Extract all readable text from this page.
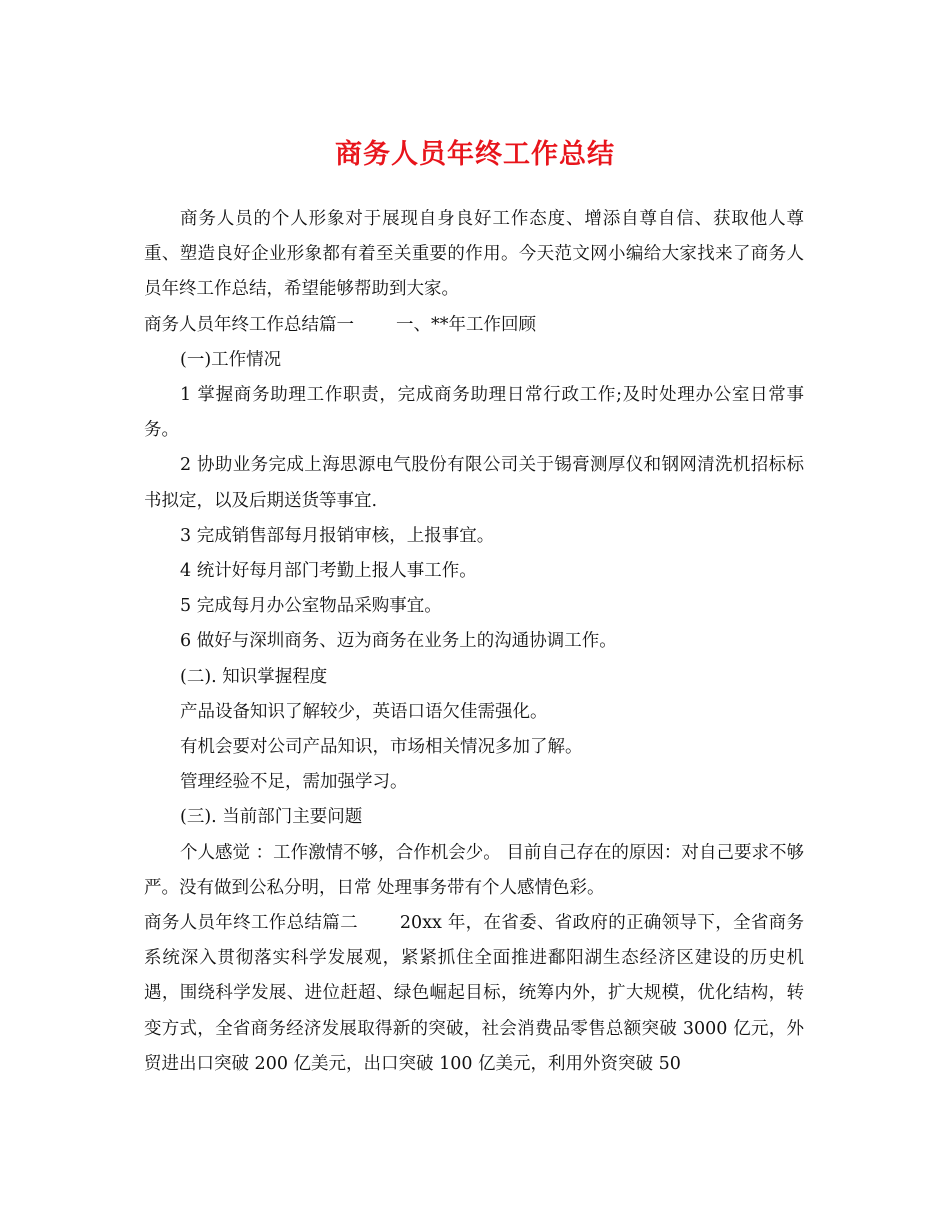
商务人员年终工作总结

商务人员的个人形象对于展现自身良好工作态度、增添自尊自信、获取他人尊重、塑造良好企业形象都有着至关重要的作用。今天范文网小编给大家找来了商务人员年终工作总结，希望能够帮助到大家。

商务人员年终工作总结篇一 一、**年工作回顾

(一)工作情况

1 掌握商务助理工作职责，完成商务助理日常行政工作;及时处理办公室日常事务。

2 协助业务完成上海思源电气股份有限公司关于锡膏测厚仪和钢网清洗机招标标书拟定，以及后期送货等事宜.

3 完成销售部每月报销审核，上报事宜。

4 统计好每月部门考勤上报人事工作。

5 完成每月办公室物品采购事宜。

6 做好与深圳商务、迈为商务在业务上的沟通协调工作。

(二). 知识掌握程度

产品设备知识了解较少，英语口语欠佳需强化。

有机会要对公司产品知识，市场相关情况多加了解。

管理经验不足，需加强学习。

(三). 当前部门主要问题

个人感觉 ：工作激情不够，合作机会少。 目前自己存在的原因：对自己要求不够严。没有做到公私分明，日常 处理事务带有个人感情色彩。

商务人员年终工作总结篇二 20xx 年，在省委、省政府的正确领导下，全省商务系统深入贯彻落实科学发展观，紧紧抓住全面推进鄱阳湖生态经济区建设的历史机遇，围绕科学发展、进位赶超、绿色崛起目标，统筹内外，扩大规模，优化结构，转变方式，全省商务经济发展取得新的突破，社会消费品零售总额突破 3000 亿元，外贸进出口突破 200 亿美元，出口突破 100 亿美元，利用外资突破 50
